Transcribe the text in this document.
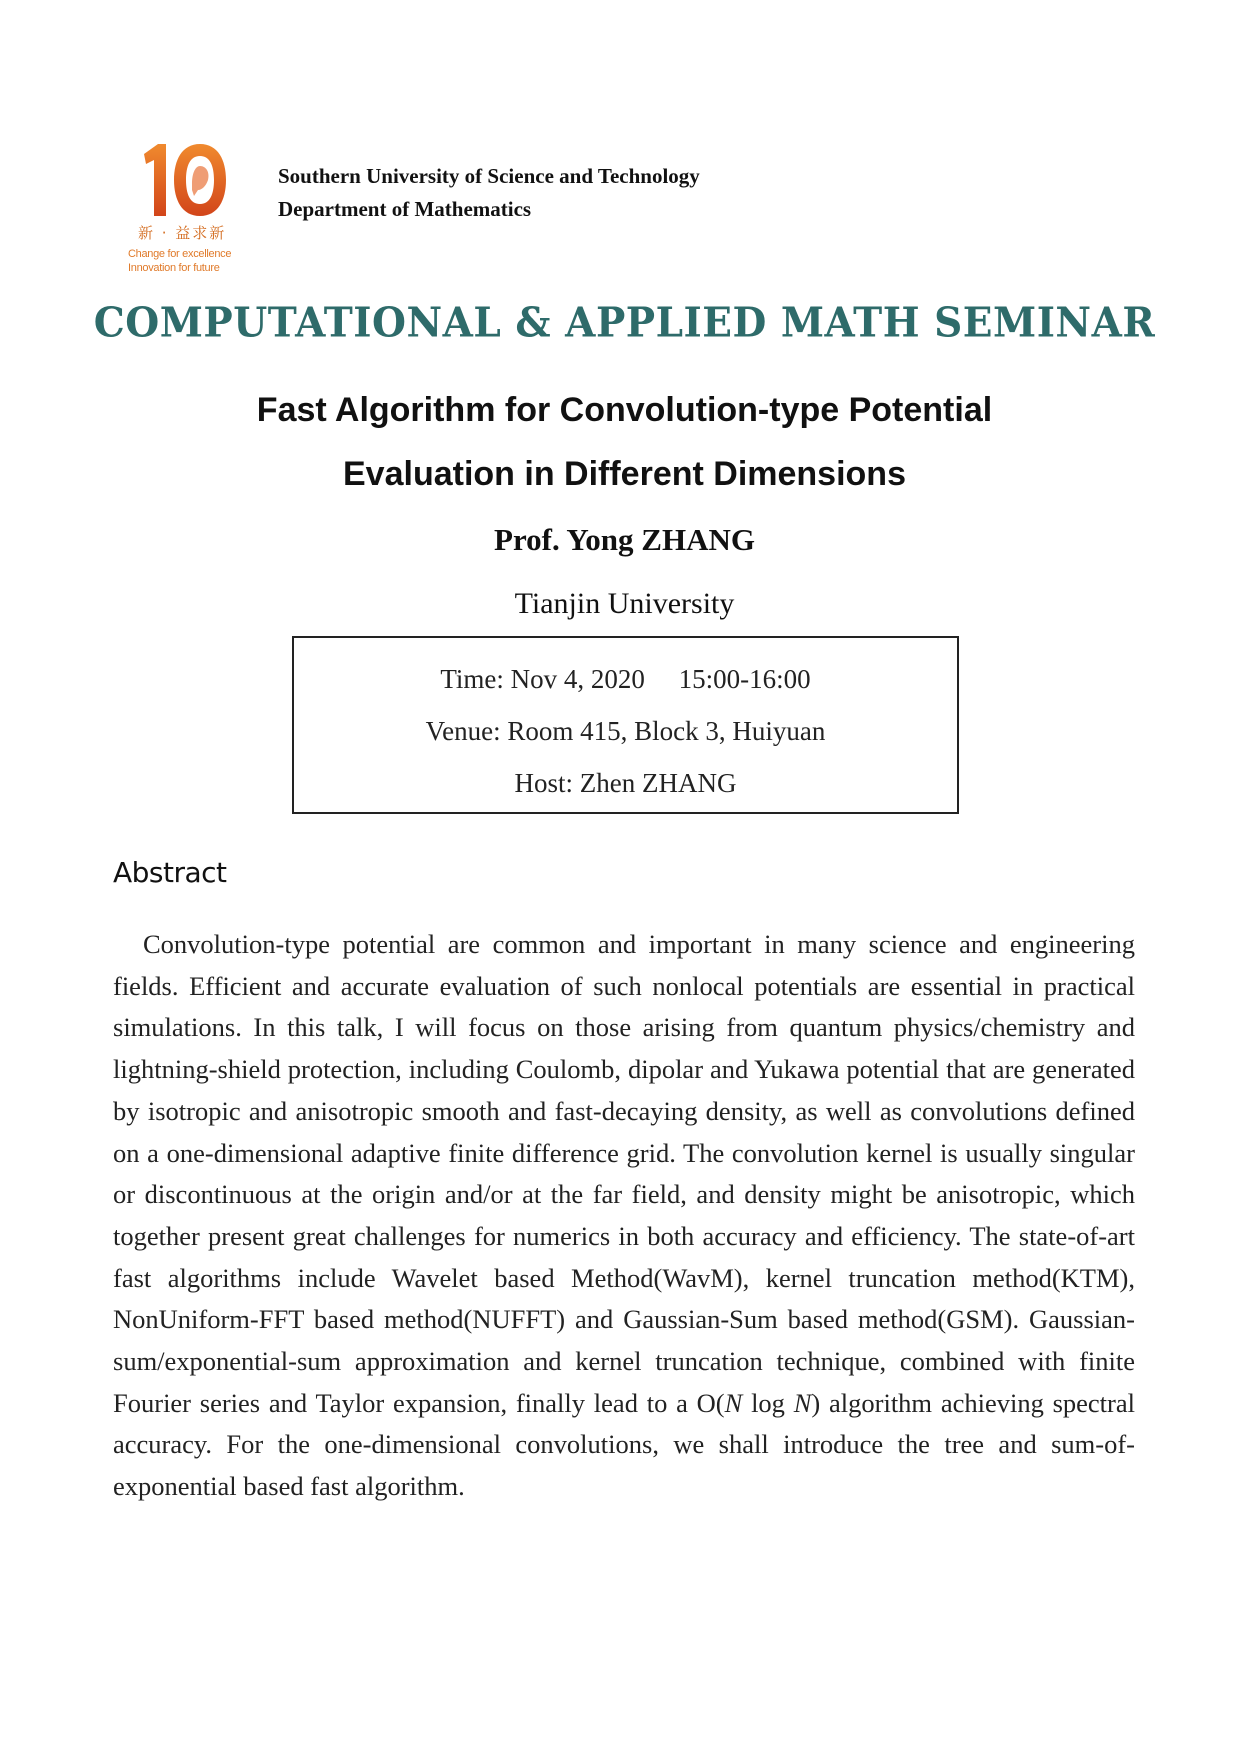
新 · 益求新
Change for excellence
Innovation for future
Southern University of Science and Technology
Department of Mathematics
COMPUTATIONAL & APPLIED MATH SEMINAR
Fast Algorithm for Convolution-type Potential
Evaluation in Different Dimensions
Prof. Yong ZHANG
Tianjin University
Time: Nov 4, 2020     15:00-16:00
Venue: Room 415, Block 3, Huiyuan
Host: Zhen ZHANG
Abstract
Convolution-type potential are common and important in many science and engineering fields. Efficient and accurate evaluation of such nonlocal potentials are essential in practical simulations. In this talk, I will focus on those arising from quantum physics/chemistry and lightning-shield protection, including Coulomb, dipolar and Yukawa potential that are generated by isotropic and anisotropic smooth and fast-decaying density, as well as convolutions defined on a one-dimensional adaptive finite difference grid. The convolution kernel is usually singular or discontinuous at the origin and/or at the far field, and density might be anisotropic, which together present great challenges for numerics in both accuracy and efficiency. The state-of-art fast algorithms include Wavelet based Method(WavM), kernel truncation method(KTM), NonUniform-FFT based method(NUFFT) and Gaussian-Sum based method(GSM). Gaussian-sum/exponential-sum approximation and kernel truncation technique, combined with finite Fourier series and Taylor expansion, finally lead to a O(N log N) algorithm achieving spectral accuracy. For the one-dimensional convolutions, we shall introduce the tree and sum-of-exponential based fast algorithm.
